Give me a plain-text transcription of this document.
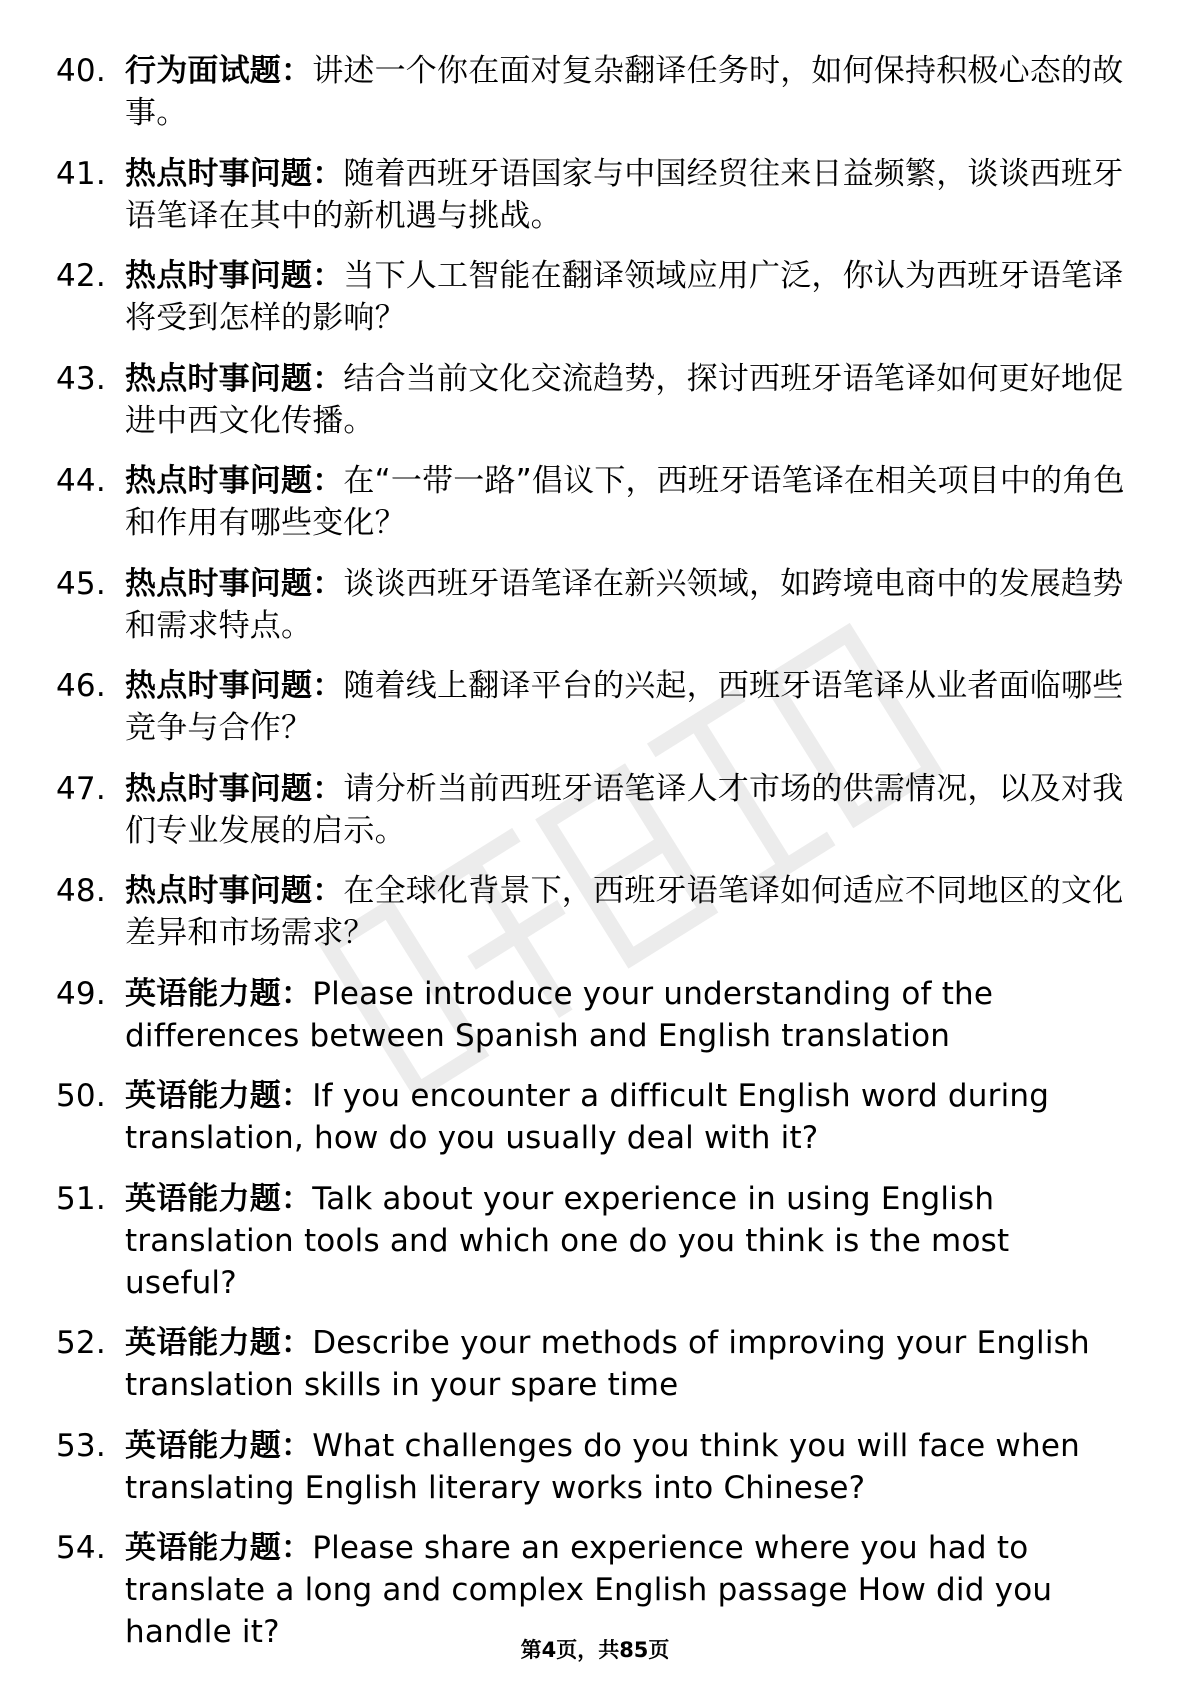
40. 行为面试题：讲述一个你在面对复杂翻译任务时，如何保持积极心态的故事。
41. 热点时事问题：随着西班牙语国家与中国经贸往来日益频繁，谈谈西班牙语笔译在其中的新机遇与挑战。
42. 热点时事问题：当下人工智能在翻译领域应用广泛，你认为西班牙语笔译将受到怎样的影响？
43. 热点时事问题：结合当前文化交流趋势，探讨西班牙语笔译如何更好地促进中西文化传播。
44. 热点时事问题：在“一带一路”倡议下，西班牙语笔译在相关项目中的角色和作用有哪些变化？
45. 热点时事问题：谈谈西班牙语笔译在新兴领域，如跨境电商中的发展趋势和需求特点。
46. 热点时事问题：随着线上翻译平台的兴起，西班牙语笔译从业者面临哪些竞争与合作？
47. 热点时事问题：请分析当前西班牙语笔译人才市场的供需情况，以及对我们专业发展的启示。
48. 热点时事问题：在全球化背景下，西班牙语笔译如何适应不同地区的文化差异和市场需求？
49. 英语能力题：Please introduce your understanding of the differences between Spanish and English translation
50. 英语能力题：If you encounter a difficult English word during translation, how do you usually deal with it?
51. 英语能力题：Talk about your experience in using English translation tools and which one do you think is the most useful?
52. 英语能力题：Describe your methods of improving your English translation skills in your spare time
53. 英语能力题：What challenges do you think you will face when translating English literary works into Chinese?
54. 英语能力题：Please share an experience where you had to translate a long and complex English passage How did you handle it?	第4页，共85页
